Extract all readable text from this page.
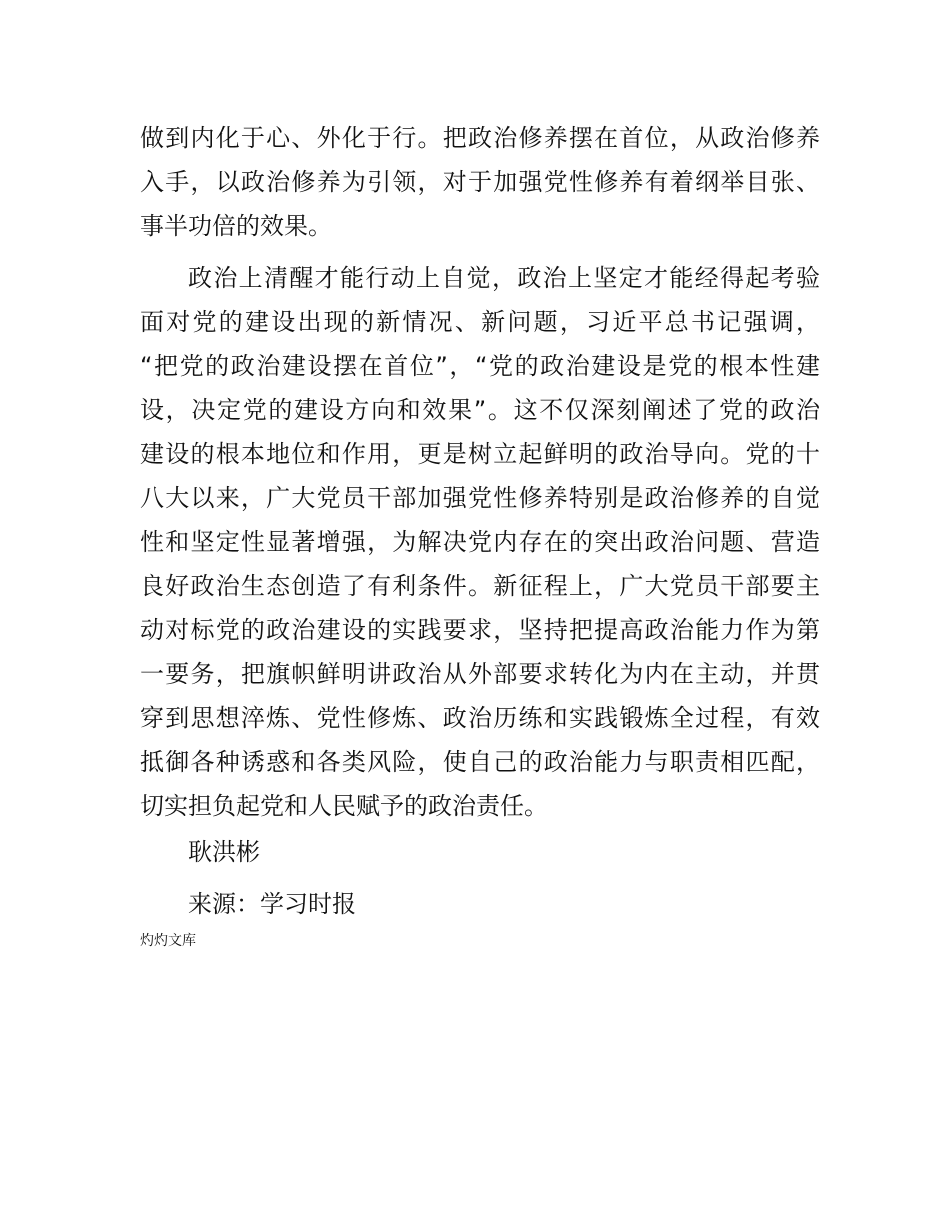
做到内化于心、外化于行。把政治修养摆在首位，从政治修养
入手，以政治修养为引领，对于加强党性修养有着纲举目张、
事半功倍的效果。
政治上清醒才能行动上自觉，政治上坚定才能经得起考验
面对党的建设出现的新情况、新问题，习近平总书记强调，
“把党的政治建设摆在首位”，“党的政治建设是党的根本性建
设，决定党的建设方向和效果”。这不仅深刻阐述了党的政治
建设的根本地位和作用，更是树立起鲜明的政治导向。党的十
八大以来，广大党员干部加强党性修养特别是政治修养的自觉
性和坚定性显著增强，为解决党内存在的突出政治问题、营造
良好政治生态创造了有利条件。新征程上，广大党员干部要主
动对标党的政治建设的实践要求，坚持把提高政治能力作为第
一要务，把旗帜鲜明讲政治从外部要求转化为内在主动，并贯
穿到思想淬炼、党性修炼、政治历练和实践锻炼全过程，有效
抵御各种诱惑和各类风险，使自己的政治能力与职责相匹配，
切实担负起党和人民赋予的政治责任。
耿洪彬
来源：学习时报
灼灼文库
